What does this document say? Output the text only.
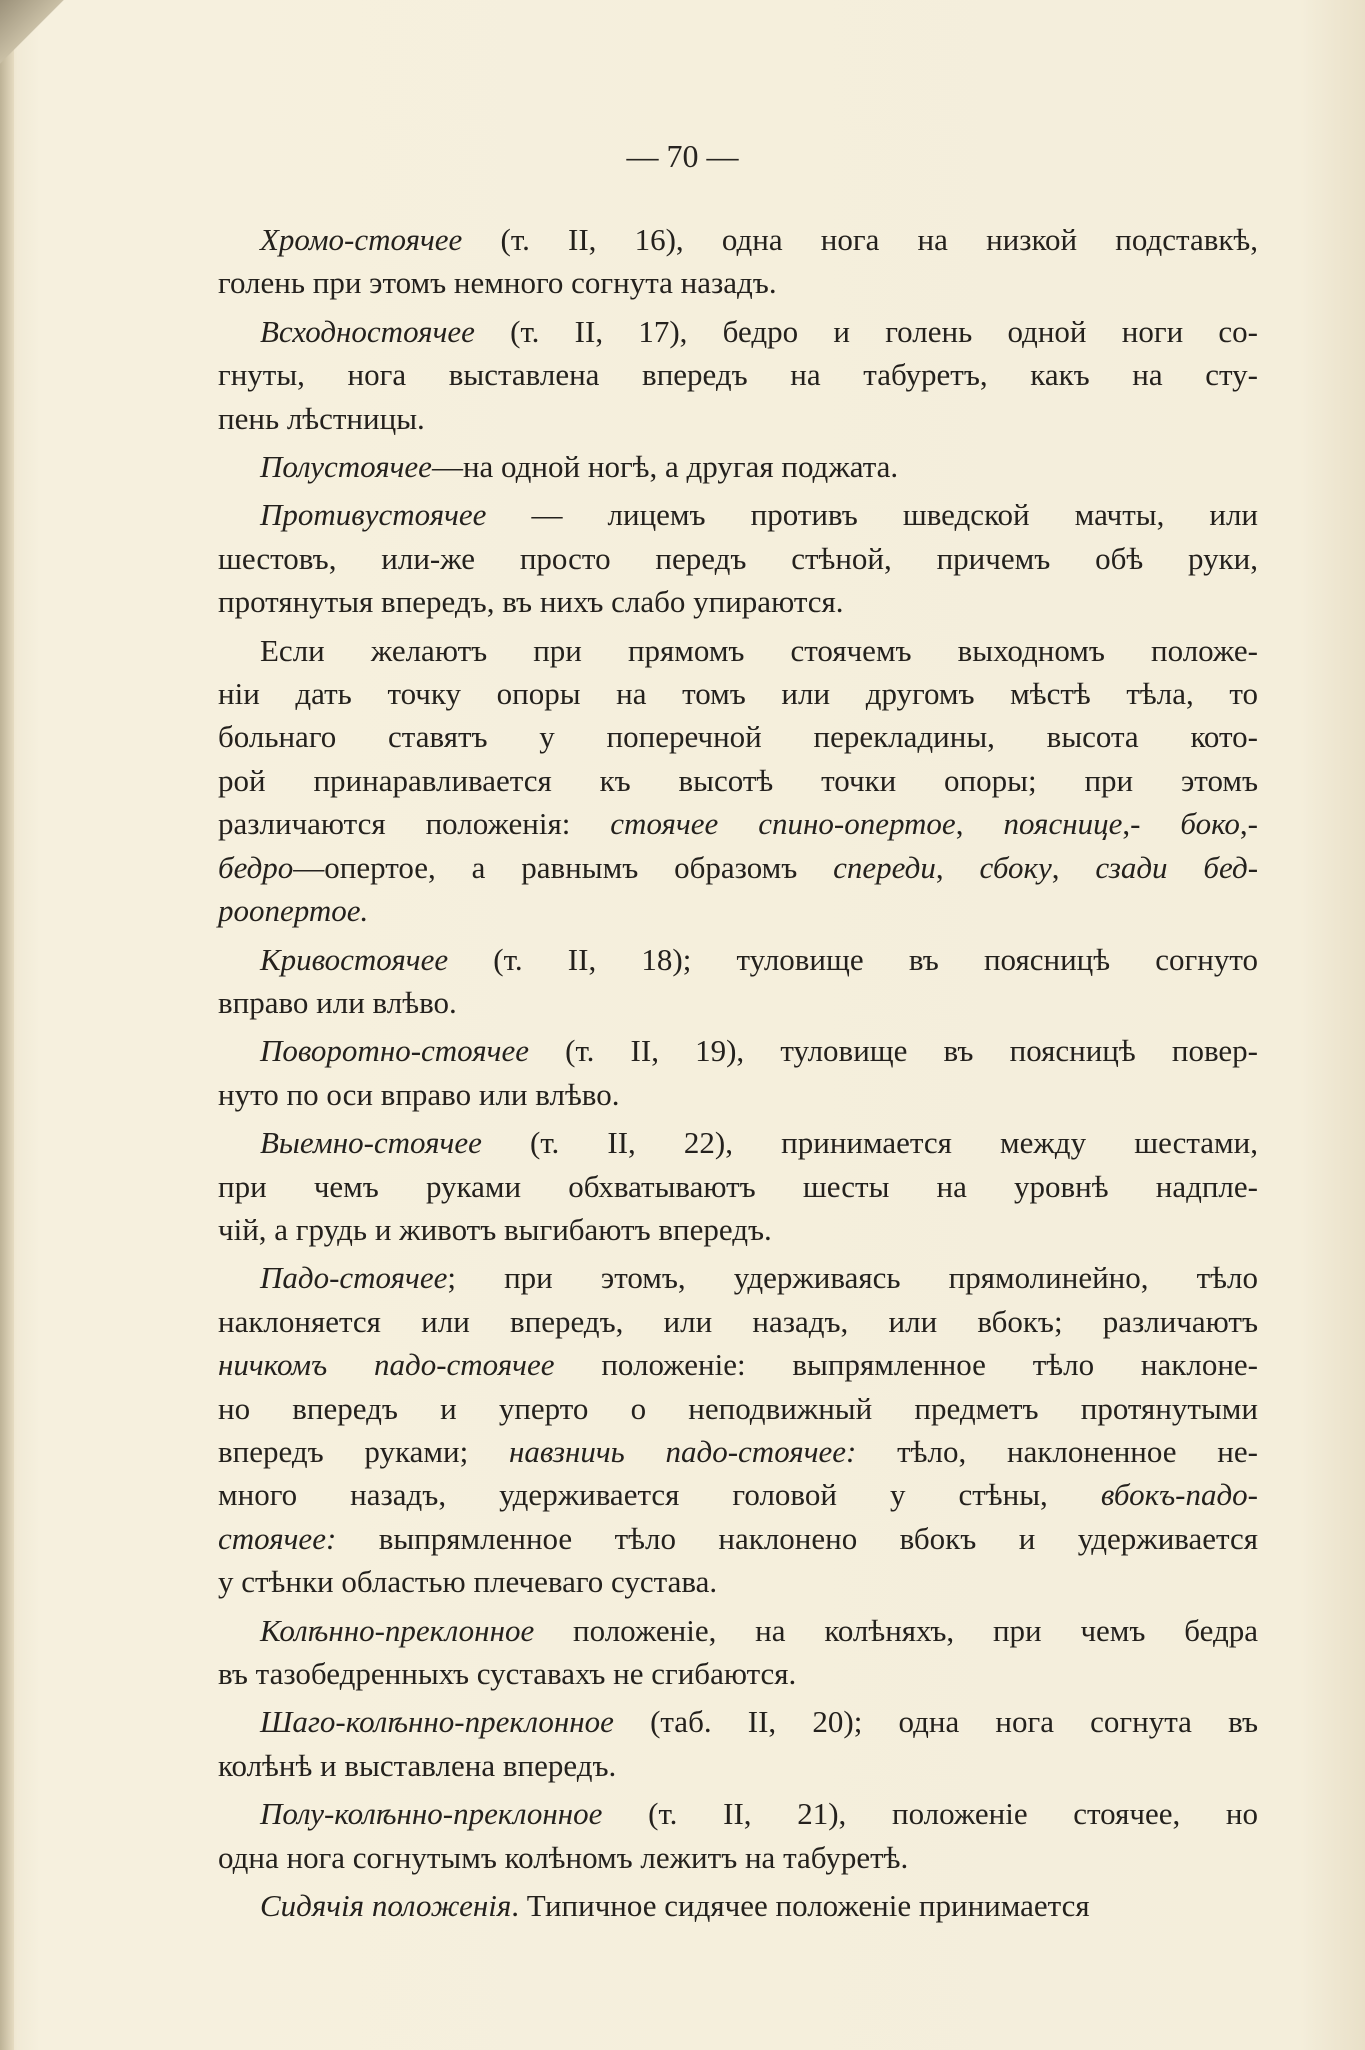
— 70 —
Хромо-стоячее (т. II, 16), одна нога на низкой подставкѣ,
голень при этомъ немного согнута назадъ.
Всходностоячее (т. II, 17), бедро и голень одной ноги со-
гнуты, нога выставлена впередъ на табуретъ, какъ на сту-
пень лѣстницы.
Полустоячее—на одной ногѣ, а другая поджата.
Противустоячее — лицемъ противъ шведской мачты, или
шестовъ, или-же просто передъ стѣной, причемъ обѣ руки,
протянутыя впередъ, въ нихъ слабо упираются.
Если желаютъ при прямомъ стоячемъ выходномъ положе-
нiи дать точку опоры на томъ или другомъ мѣстѣ тѣла, то
больнаго ставятъ у поперечной перекладины, высота кото-
рой принаравливается къ высотѣ точки опоры; при этомъ
различаются положенiя: стоячее спино-опертое, поясницe,- боко,-
бедро—опертое, а равнымъ образомъ спереди, сбоку, сзади бед-
роопертое.
Кривостоячее (т. II, 18); туловище въ поясницѣ согнуто
вправо или влѣво.
Поворотно-стоячее (т. II, 19), туловище въ поясницѣ повер-
нуто по оси вправо или влѣво.
Выемно-стоячее (т. II, 22), принимается между шестами,
при чемъ руками обхватываютъ шесты на уровнѣ надпле-
чiй, а грудь и животъ выгибаютъ впередъ.
Падо-стоячее; при этомъ, удерживаясь прямолинейно, тѣло
наклоняется или впередъ, или назадъ, или вбокъ; различаютъ
ничкомъ падо-стоячее положенiе: выпрямленное тѣло наклоне-
но впередъ и уперто о неподвижный предметъ протянутыми
впередъ руками; навзничь падо-стоячее: тѣло, наклоненное не-
много назадъ, удерживается головой у стѣны, вбокъ-падо-
стоячее: выпрямленное тѣло наклонено вбокъ и удерживается
у стѣнки областью плечеваго сустава.
Колѣнно-преклонное положенiе, на колѣняхъ, при чемъ бедра
въ тазобедренныхъ суставахъ не сгибаются.
Шаго-колѣнно-преклонное (таб. II, 20); одна нога согнута въ
колѣнѣ и выставлена впередъ.
Полу-колѣнно-преклонное (т. II, 21), положенiе стоячее, но
одна нога согнутымъ колѣномъ лежитъ на табуретѣ.
Сидячiя положенiя. Типичное сидячее положенiе принимается
